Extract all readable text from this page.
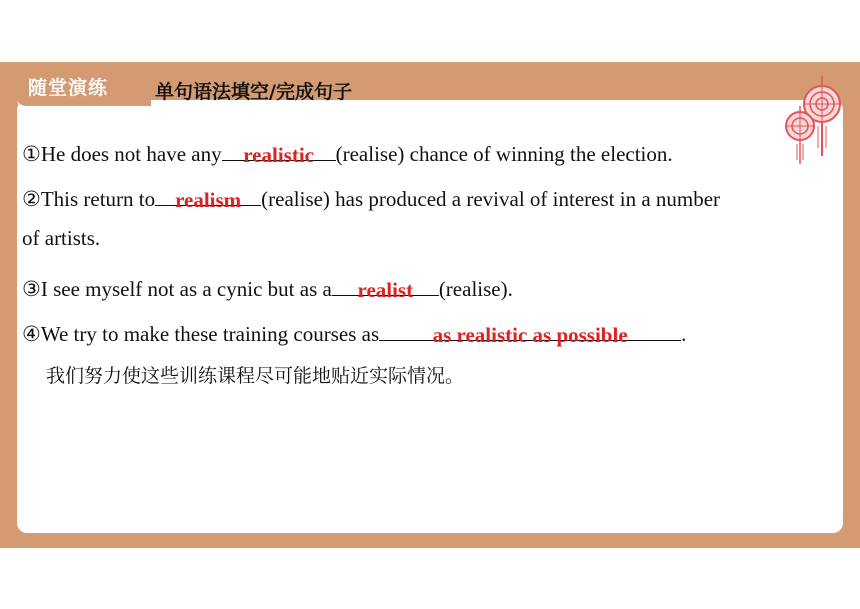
随堂演练 单句语法填空/完成句子
①He does not have any	realistic	(realise) chance of winning the election.
②This return to realism (realise) has produced a revival of interest in a number
of artists.
③I see myself not as a cynic but as a	realist	(realise).
④We try to make these training courses as	as realistic as possible	.
我们努力使这些训练课程尽可能地贴近实际情况。
